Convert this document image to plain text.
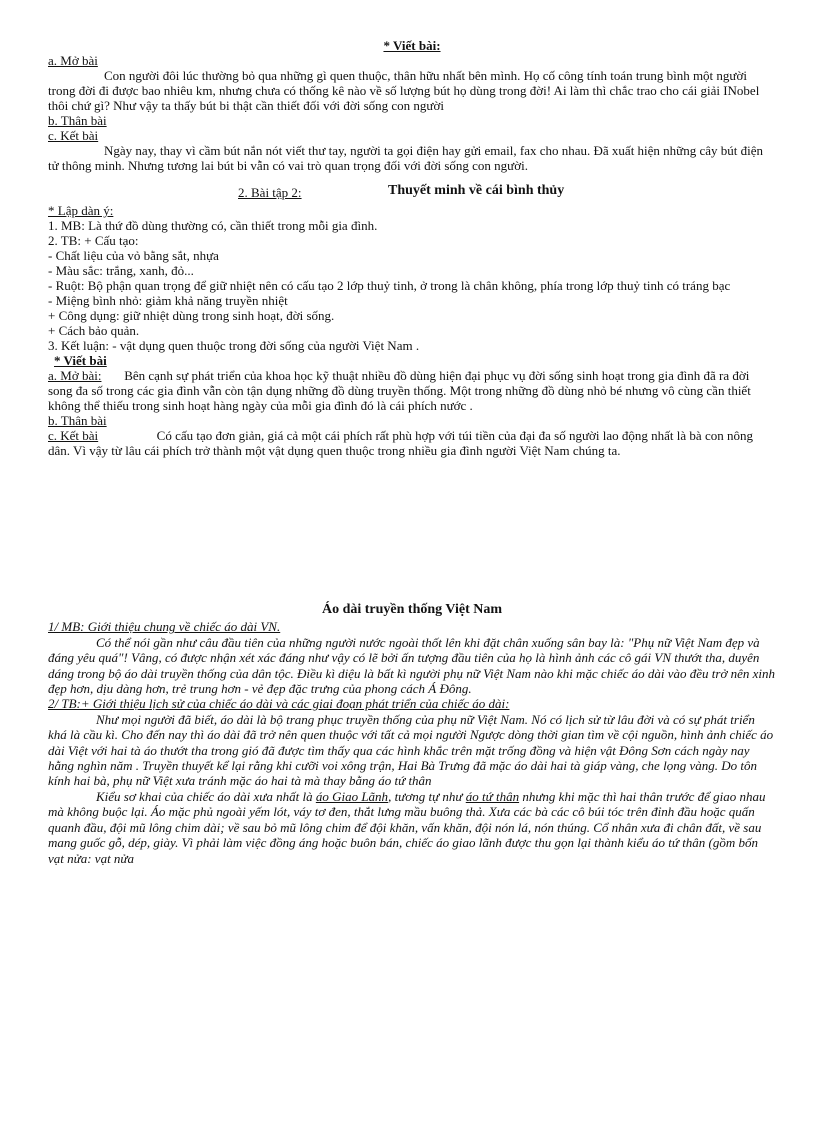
* Viết bài:

a. Mở bài

Con người đôi lúc thường bỏ qua những gì quen thuộc, thân hữu nhất bên mình. Họ cố công tính toán trung bình một người trong đời đi được bao nhiêu km, nhưng chưa có thống kê nào về số lượng bút họ dùng trong đời! Ai làm thì chắc trao cho cái giải INobel thôi chứ gì? Như vậy ta thấy bút bi thật cần thiết đối với đời sống con người

b. Thân bài

c. Kết bài

Ngày nay, thay vì cầm bút nắn nót viết thư tay, người ta gọi điện hay gửi email, fax cho nhau. Đã xuất hiện những cây bút điện tử thông minh. Nhưng tương lai bút bi vẫn có vai trò quan trọng đối với đời sống con người.

2. Bài tập 2:	Thuyết minh về cái bình thủy

* Lập dàn ý:

1. MB: Là thứ đồ dùng thường có, cần thiết trong mỗi gia đình.

2. TB: + Cấu tạo:

- Chất liệu của vỏ bằng sắt, nhựa

- Màu sắc: trắng, xanh, đỏ...

- Ruột: Bộ phận quan trọng để giữ nhiệt nên có cấu tạo 2 lớp thuỷ tinh, ở trong là chân không, phía trong lớp thuỷ tinh có tráng bạc

- Miệng bình nhỏ: giảm khả năng truyền nhiệt

+ Công dụng: giữ nhiệt dùng trong sinh hoạt, đời sống.

+ Cách bảo quản.

3. Kết luận: - vật dụng quen thuộc trong đời sống của người Việt Nam .

* Viết bài

a. Mở bài: Bên cạnh sự phát triển của khoa học kỹ thuật nhiều đồ dùng hiện đại phục vụ đời sống sinh hoạt trong gia đình đã ra đời song đa số trong các gia đình vẫn còn tận dụng những đồ dùng truyền thống. Một trong những đồ dùng nhỏ bé nhưng vô cùng cần thiết không thể thiếu trong sinh hoạt hàng ngày của mỗi gia đình đó là cái phích nước .

b. Thân bài

c. Kết bài	Có cấu tạo đơn giản, giá cả một cái phích rất phù hợp với túi tiền của đại đa số người lao động nhất là bà con nông dân. Vì vậy từ lâu cái phích trở thành một vật dụng quen thuộc trong nhiều gia đình người Việt Nam chúng ta.

Áo dài truyền thống Việt Nam

1/ MB: Giới thiệu chung về chiếc áo dài VN.

Có thể nói gần như câu đầu tiên của những người nước ngoài thốt lên khi đặt chân xuống sân bay là: "Phụ nữ Việt Nam đẹp và đáng yêu quá"! Vâng, có được nhận xét xác đáng như vậy có lẽ bởi ấn tượng đầu tiên của họ là hình ảnh các cô gái VN thướt tha, duyên dáng trong bộ áo dài truyền thống của dân tộc. Điều kì diệu là bất kì người phụ nữ Việt Nam nào khi mặc chiếc áo dài vào đều trở nên xinh đẹp hơn, dịu dàng hơn, trẻ trung hơn - vẻ đẹp đặc trưng của phong cách Á Đông.

2/ TB:+ Giới thiệu lịch sử của chiếc áo dài và các giai đoạn phát triển của chiếc áo dài:

Như mọi người đã biết, áo dài là bộ trang phục truyền thống của phụ nữ Việt Nam. Nó có lịch sử từ lâu đời và có sự phát triển khá là cầu kì. Cho đến nay thì áo dài đã trở nên quen thuộc với tất cả mọi người Ngược dòng thời gian tìm về cội nguồn, hình ảnh chiếc áo dài Việt với hai tà áo thướt tha trong gió đã được tìm thấy qua các hình khắc trên mặt trống đồng và hiện vật Đông Sơn cách ngày nay hằng nghìn năm . Truyền thuyết kể lại rằng khi cưỡi voi xông trận, Hai Bà Trưng đã mặc áo dài hai tà giáp vàng, che lọng vàng. Do tôn kính hai bà, phụ nữ Việt xưa tránh mặc áo hai tà mà thay bằng áo tứ thân

Kiểu sơ khai của chiếc áo dài xưa nhất là áo Giao Lãnh, tương tự như áo tứ thân nhưng khi mặc thì hai thân trước để giao nhau mà không buộc lại. Áo mặc phủ ngoài yếm lót, váy tơ đen, thắt lưng mầu buông thả. Xưa các bà các cô búi tóc trên đỉnh đầu hoặc quấn quanh đầu, đội mũ lông chim dài; về sau bỏ mũ lông chim để đội khăn, vấn khăn, đội nón lá, nón thúng. Cổ nhân xưa đi chân đất, về sau mang guốc gỗ, dép, giày. Vì phải làm việc đồng áng hoặc buôn bán, chiếc áo giao lãnh được thu gọn lại thành kiểu áo tứ thân (gồm bốn vạt nửa: vạt nửa
